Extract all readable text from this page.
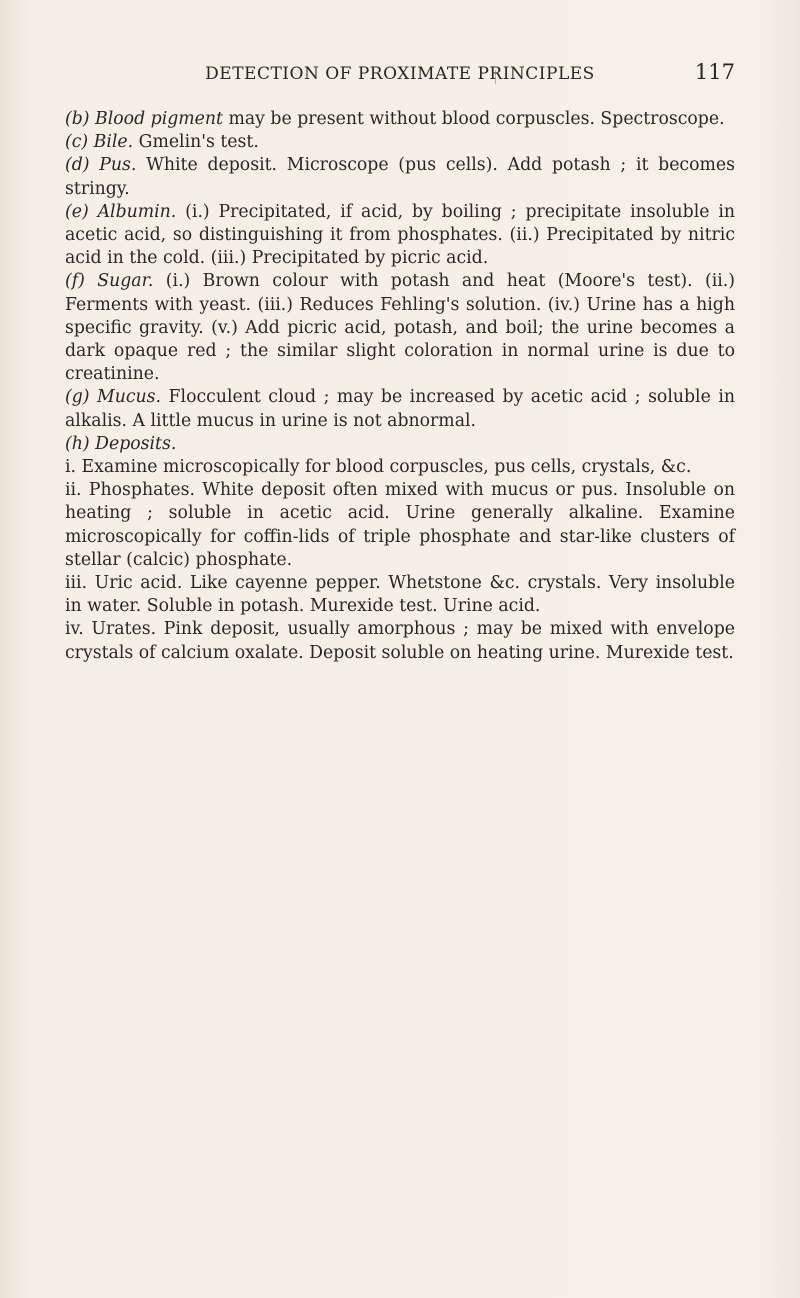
DETECTION OF PROXIMATE PRINCIPLES	117

(b) Blood pigment may be present without blood corpuscles. Spectroscope.

(c) Bile. Gmelin's test.

(d) Pus. White deposit. Microscope (pus cells). Add potash ; it becomes stringy.

(e) Albumin. (i.) Precipitated, if acid, by boiling ; precipitate insoluble in acetic acid, so distinguishing it from phosphates. (ii.) Precipitated by nitric acid in the cold. (iii.) Precipitated by picric acid.

(f) Sugar. (i.) Brown colour with potash and heat (Moore's test). (ii.) Ferments with yeast. (iii.) Reduces Fehling's solution. (iv.) Urine has a high specific gravity. (v.) Add picric acid, potash, and boil; the urine becomes a dark opaque red ; the similar slight coloration in normal urine is due to creatinine.

(g) Mucus. Flocculent cloud ; may be increased by acetic acid ; soluble in alkalis. A little mucus in urine is not abnormal.

(h) Deposits.

i. Examine microscopically for blood corpuscles, pus cells, crystals, &c.

ii. Phosphates. White deposit often mixed with mucus or pus. Insoluble on heating ; soluble in acetic acid. Urine generally alkaline. Examine microscopically for coffin-lids of triple phosphate and star-like clusters of stellar (calcic) phosphate.

iii. Uric acid. Like cayenne pepper. Whetstone &c. crystals. Very insoluble in water. Soluble in potash. Murexide test. Urine acid.

iv. Urates. Pink deposit, usually amorphous ; may be mixed with envelope crystals of calcium oxalate. Deposit soluble on heating urine. Murexide test.
